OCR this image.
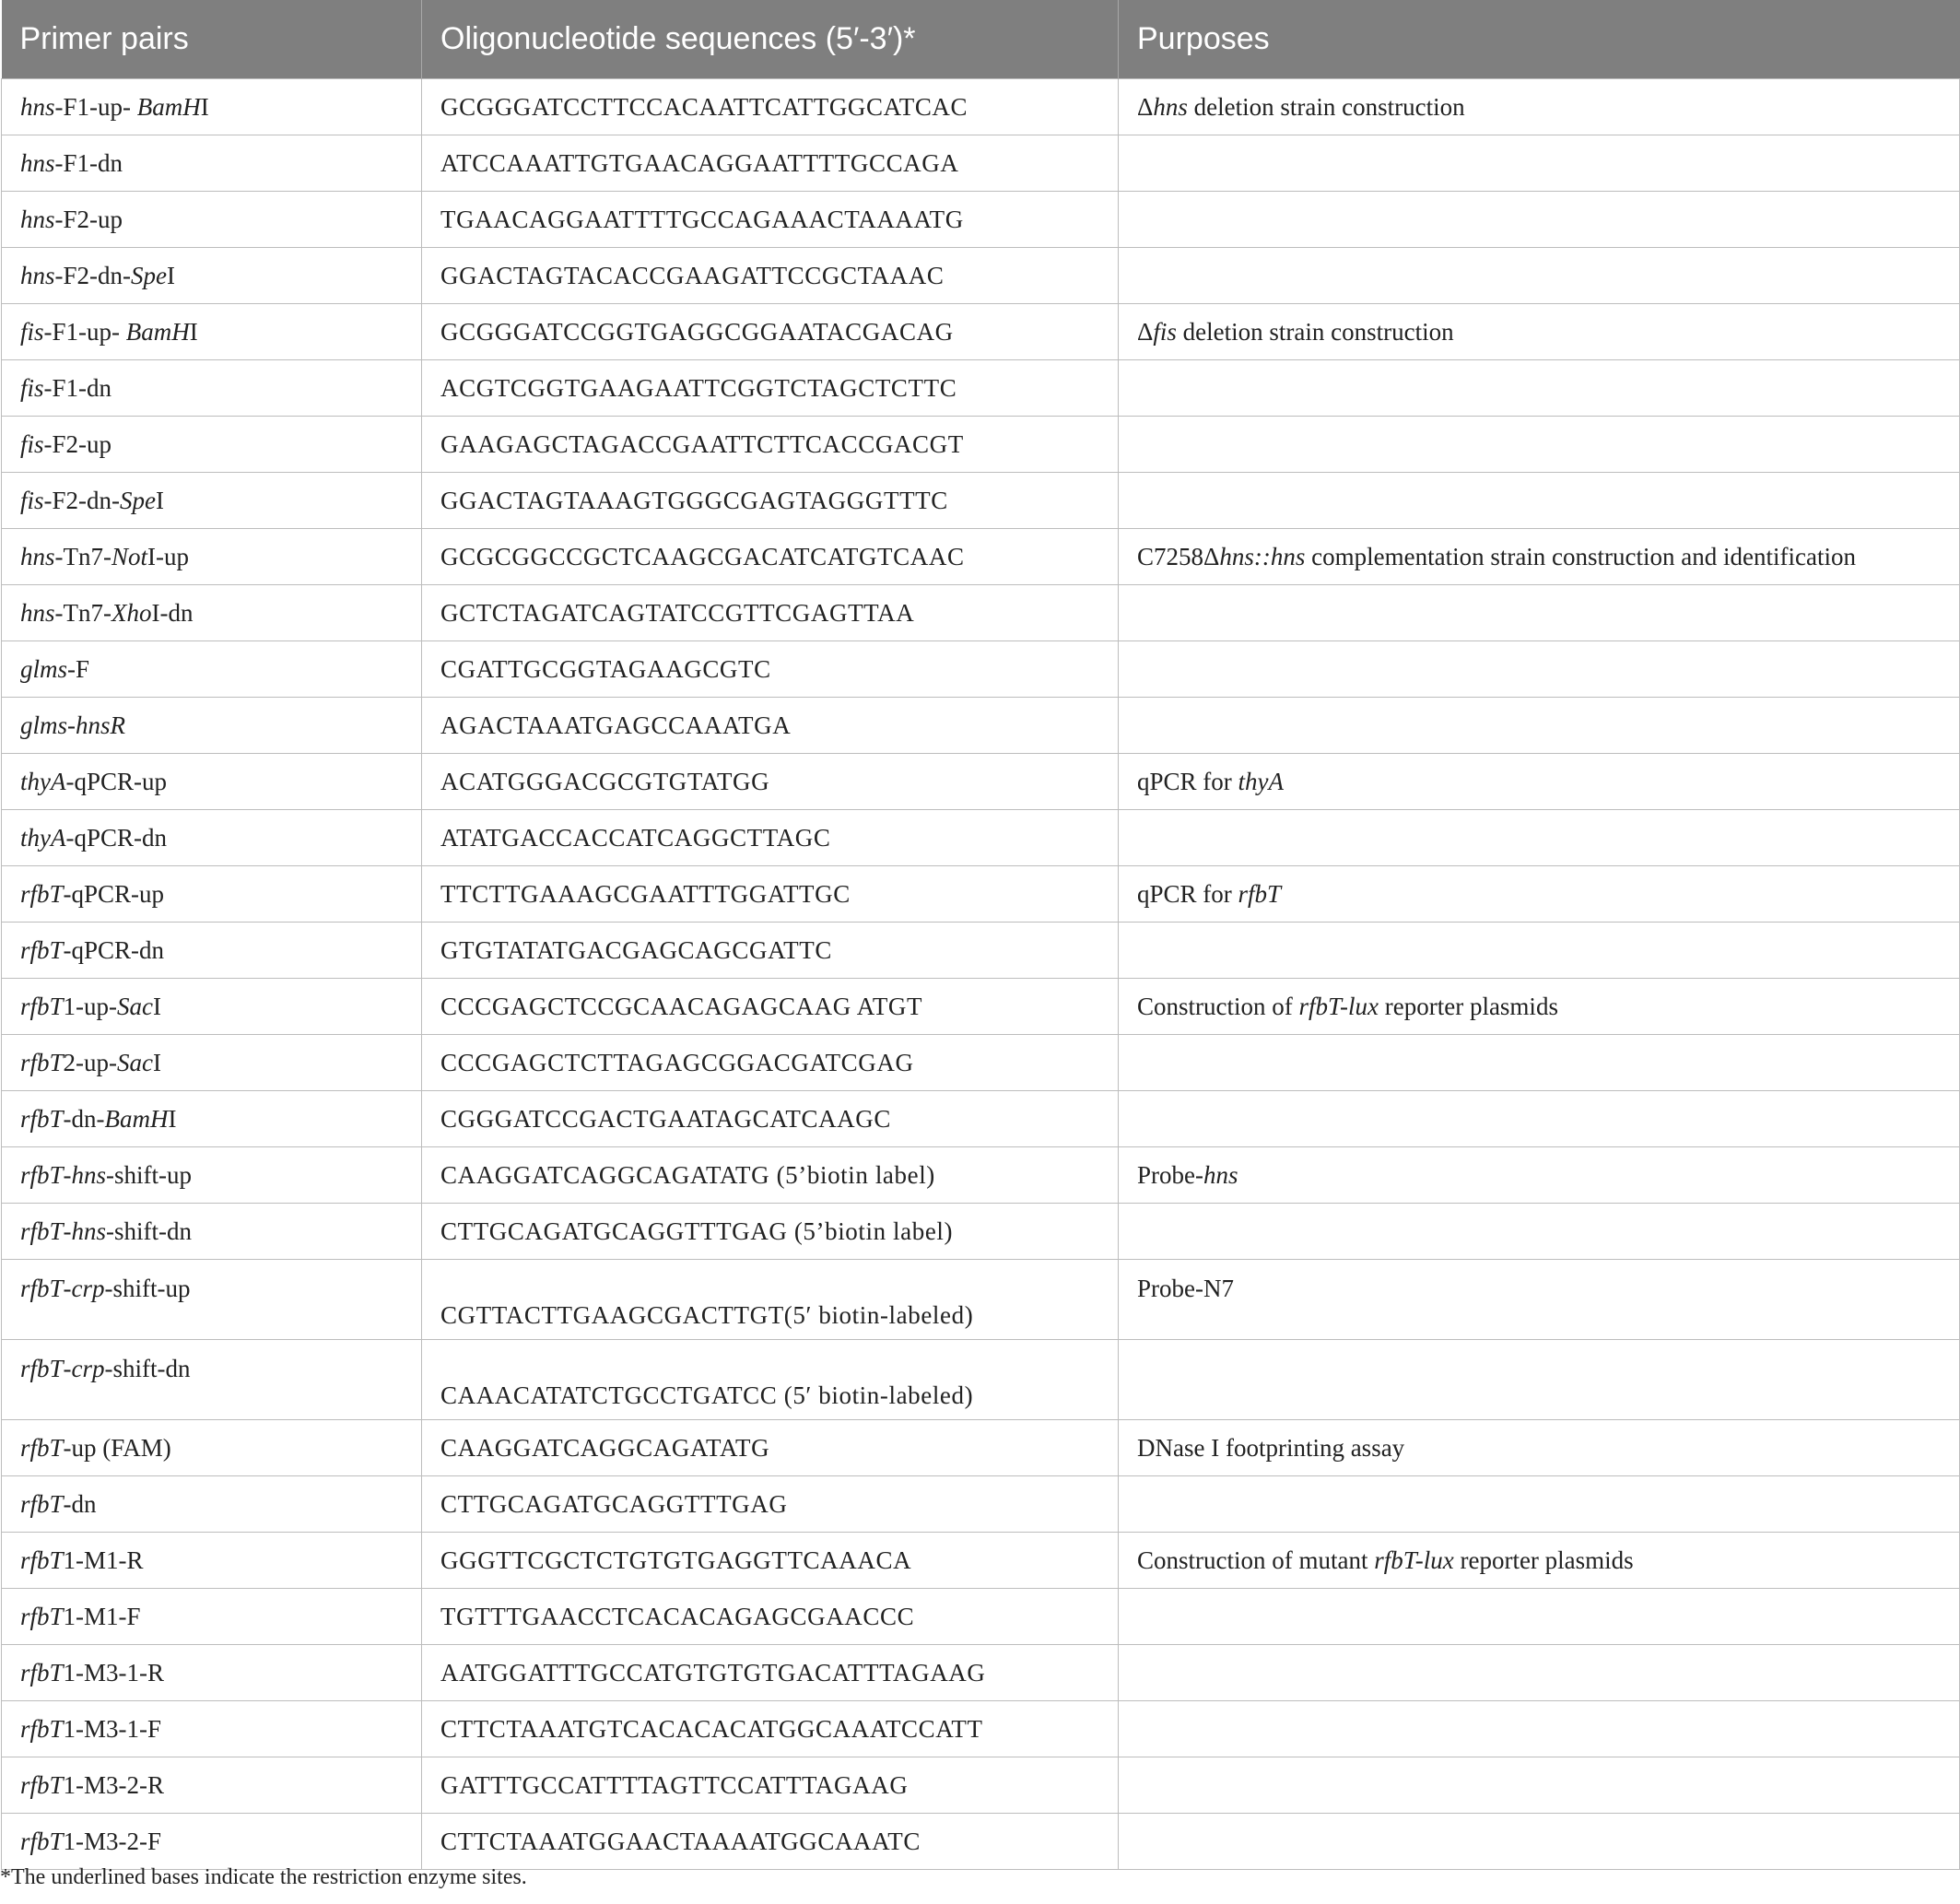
Primer pairs	Oligonucleotide sequences (5′-3′)*	Purposes
hns-F1-up- BamHI	GCGGGATCCTTCCACAATTCATTGGCATCAC	Δhns deletion strain construction
hns-F1-dn	ATCCAAATTGTGAACAGGAATTTTGCCAGA	
hns-F2-up	TGAACAGGAATTTTGCCAGAAACTAAAATG	
hns-F2-dn-SpeI	GGACTAGTACACCGAAGATTCCGCTAAAC	
fis-F1-up- BamHI	GCGGGATCCGGTGAGGCGGAATACGACAG	Δfis deletion strain construction
fis-F1-dn	ACGTCGGTGAAGAATTCGGTCTAGCTCTTC	
fis-F2-up	GAAGAGCTAGACCGAATTCTTCACCGACGT	
fis-F2-dn-SpeI	GGACTAGTAAAGTGGGCGAGTAGGGTTTC	
hns-Tn7-NotI-up	GCGCGGCCGCTCAAGCGACATCATGTCAAC	C7258Δhns::hns complementation strain construction and identification
hns-Tn7-XhoI-dn	GCTCTAGATCAGTATCCGTTCGAGTTAA	
glms-F	CGATTGCGGTAGAAGCGTC	
glms-hnsR	AGACTAAATGAGCCAAATGA	
thyA-qPCR-up	ACATGGGACGCGTGTATGG	qPCR for thyA
thyA-qPCR-dn	ATATGACCACCATCAGGCTTAGC	
rfbT-qPCR-up	TTCTTGAAAGCGAATTTGGATTGC	qPCR for rfbT
rfbT-qPCR-dn	GTGTATATGACGAGCAGCGATTC	
rfbT1-up-SacI	CCCGAGCTCCGCAACAGAGCAAG ATGT	Construction of rfbT-lux reporter plasmids
rfbT2-up-SacI	CCCGAGCTCTTAGAGCGGACGATCGAG	
rfbT-dn-BamHI	CGGGATCCGACTGAATAGCATCAAGC	
rfbT-hns-shift-up	CAAGGATCAGGCAGATATG (5’biotin label)	Probe-hns
rfbT-hns-shift-dn	CTTGCAGATGCAGGTTTGAG (5’biotin label)	
rfbT-crp-shift-up	CGTTACTTGAAGCGACTTGT(5′ biotin-labeled)	Probe-N7
rfbT-crp-shift-dn	CAAACATATCTGCCTGATCC (5′ biotin-labeled)	
rfbT-up (FAM)	CAAGGATCAGGCAGATATG	DNase I footprinting assay
rfbT-dn	CTTGCAGATGCAGGTTTGAG	
rfbT1-M1-R	GGGTTCGCTCTGTGTGAGGTTCAAACA	Construction of mutant rfbT-lux reporter plasmids
rfbT1-M1-F	TGTTTGAACCTCACACAGAGCGAACCC	
rfbT1-M3-1-R	AATGGATTTGCCATGTGTGTGACATTTAGAAG	
rfbT1-M3-1-F	CTTCTAAATGTCACACACATGGCAAATCCATT	
rfbT1-M3-2-R	GATTTGCCATTTTAGTTCCATTTAGAAG	
rfbT1-M3-2-F	CTTCTAAATGGAACTAAAATGGCAAATC	
*The underlined bases indicate the restriction enzyme sites.
